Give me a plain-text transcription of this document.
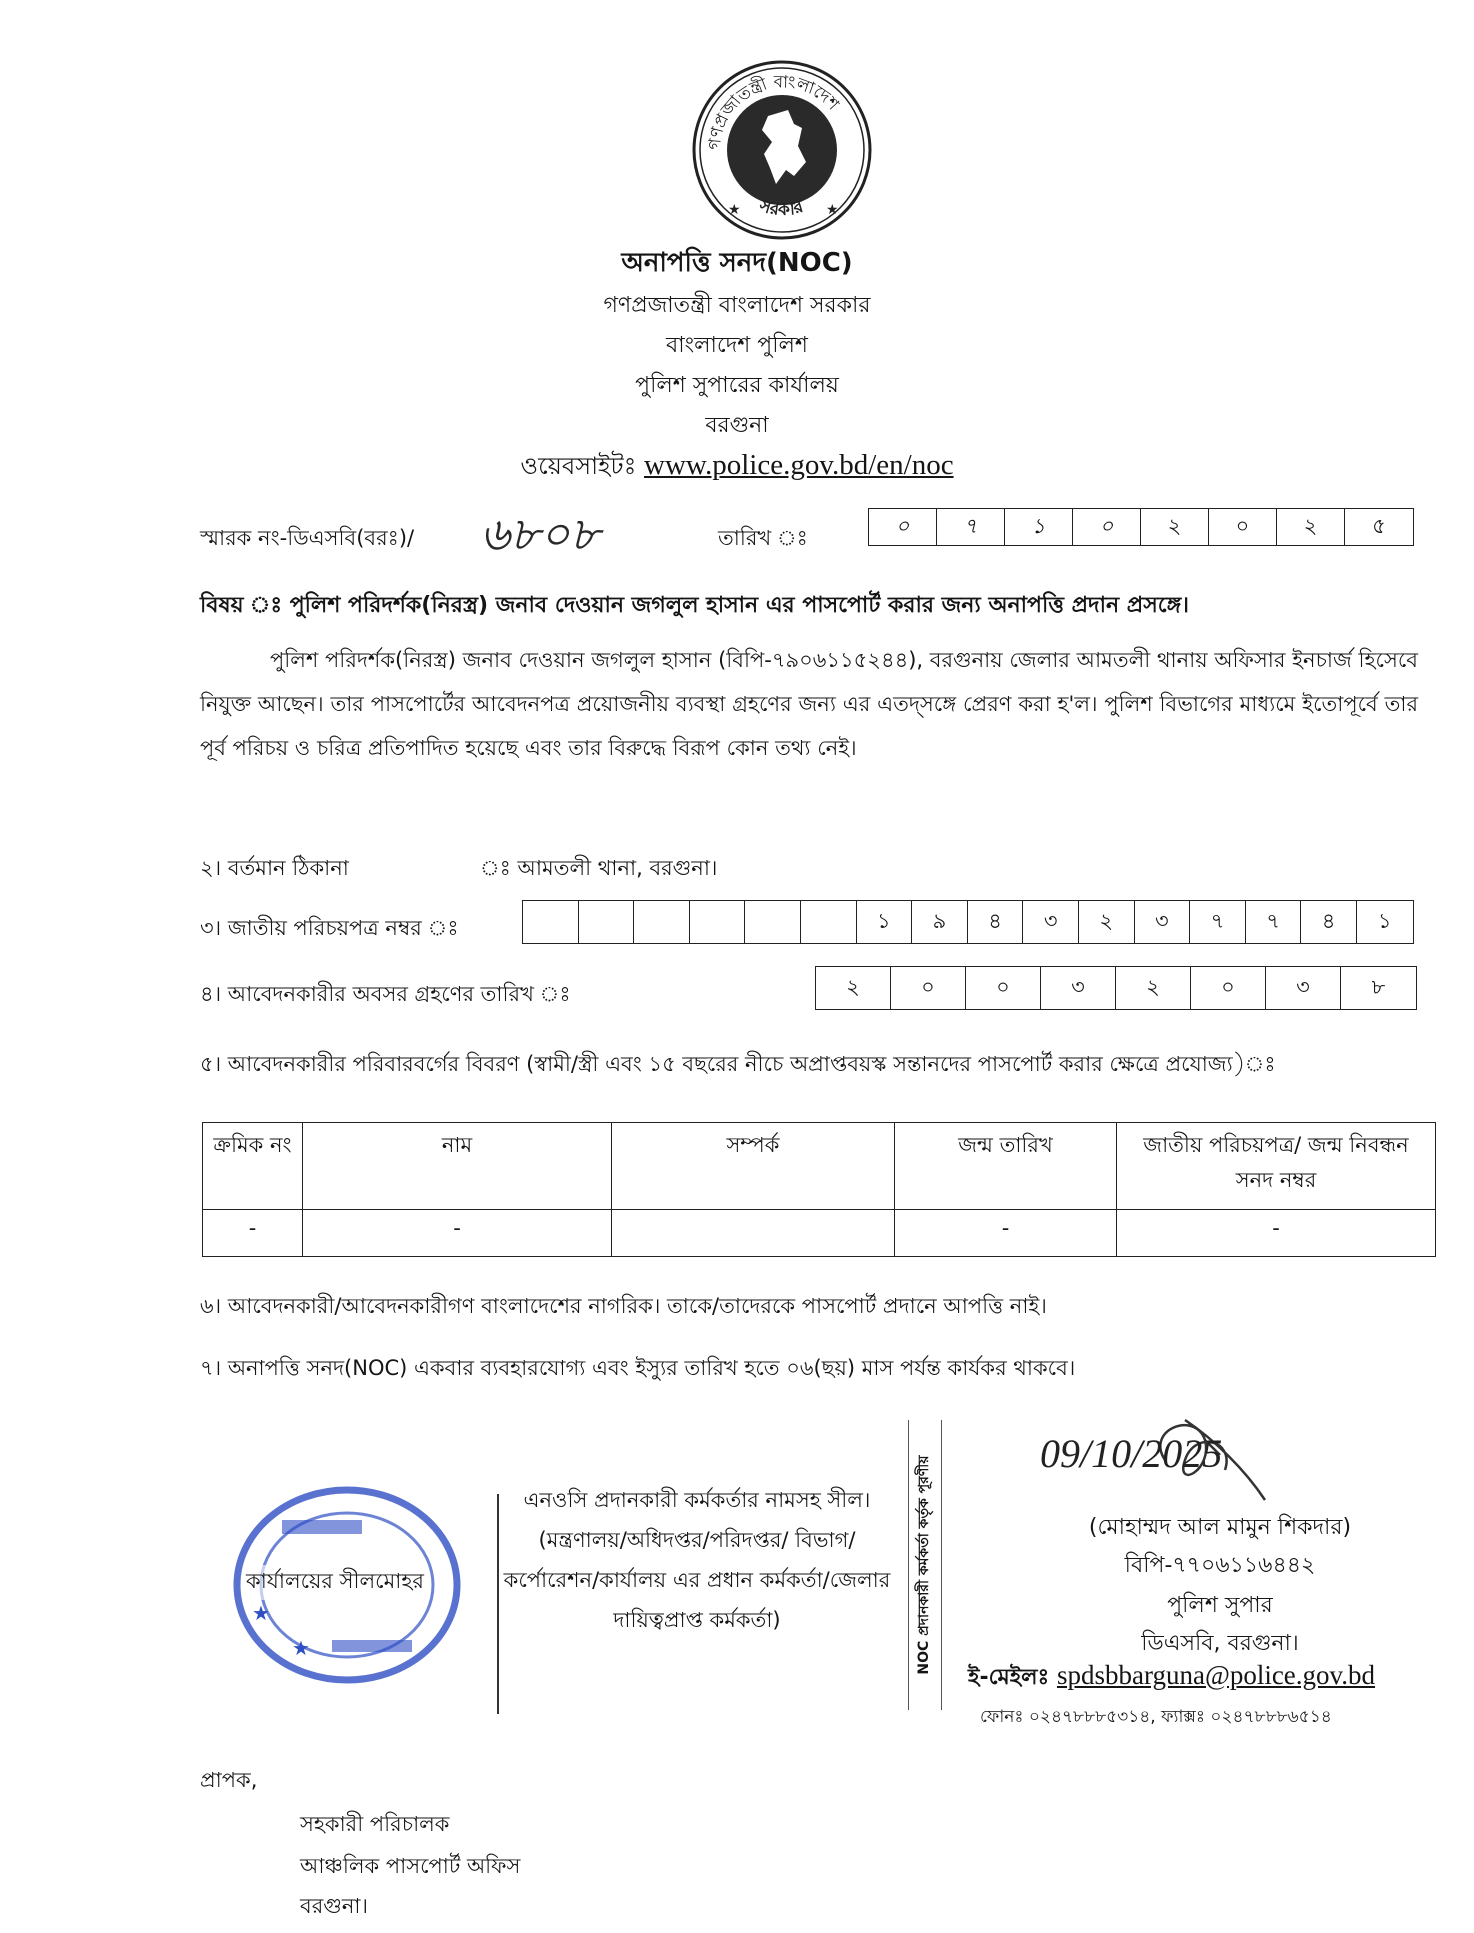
গণপ্রজাতন্ত্রী বাংলাদেশ
সরকার
★	★
অনাপত্তি সনদ(NOC)
গণপ্রজাতন্ত্রী বাংলাদেশ সরকার
বাংলাদেশ পুলিশ
পুলিশ সুপারের কার্যালয়
বরগুনা
ওয়েবসাইটঃ www.police.gov.bd/en/noc
স্মারক নং-ডিএসবি(বরঃ)/ ৬৮০৮	তারিখ ঃ
০	৭	১	০	২	০	২	৫
বিষয় ঃ পুলিশ পরিদর্শক(নিরস্ত্র) জনাব দেওয়ান জগলুল হাসান এর পাসপোর্ট করার জন্য অনাপত্তি প্রদান প্রসঙ্গে।
পুলিশ পরিদর্শক(নিরস্ত্র) জনাব দেওয়ান জগলুল হাসান (বিপি-৭৯০৬১১৫২৪৪), বরগুনায় জেলার আমতলী থানায় অফিসার ইনচার্জ হিসেবে নিযুক্ত আছেন। তার পাসপোর্টের আবেদনপত্র প্রয়োজনীয় ব্যবস্থা গ্রহণের জন্য এর এতদ্সঙ্গে প্রেরণ করা হ'ল। পুলিশ বিভাগের মাধ্যমে ইতোপূর্বে তার পূর্ব পরিচয় ও চরিত্র প্রতিপাদিত হয়েছে এবং তার বিরুদ্ধে বিরূপ কোন তথ্য নেই।
২। বর্তমান ঠিকানা	ঃ আমতলী থানা, বরগুনা।
৩। জাতীয় পরিচয়পত্র নম্বর ঃ	১	৯	৪	৩	২	৩	৭	৭	৪	১
৪। আবেদনকারীর অবসর গ্রহণের তারিখ ঃ	২	০	০	৩	২	০	৩	৮
৫। আবেদনকারীর পরিবারবর্গের বিবরণ (স্বামী/স্ত্রী এবং ১৫ বছরের নীচে অপ্রাপ্তবয়স্ক সন্তানদের পাসপোর্ট করার ক্ষেত্রে প্রযোজ্য)ঃ
ক্রমিক নং	নাম	সম্পর্ক	জন্ম তারিখ	জাতীয় পরিচয়পত্র/ জন্ম নিবন্ধন সনদ নম্বর
-	-		-	-
৬। আবেদনকারী/আবেদনকারীগণ বাংলাদেশের নাগরিক। তাকে/তাদেরকে পাসপোর্ট প্রদানে আপত্তি নাই।
৭। অনাপত্তি সনদ(NOC) একবার ব্যবহারযোগ্য এবং ইস্যুর তারিখ হতে ০৬(ছয়) মাস পর্যন্ত কার্যকর থাকবে।
★
★
কার্যালয়ের সীলমোহর
এনওসি প্রদানকারী কর্মকর্তার নামসহ সীল। (মন্ত্রণালয়/অধিদপ্তর/পরিদপ্তর/ বিভাগ/কর্পোরেশন/কার্যালয় এর প্রধান কর্মকর্তা/জেলার দায়িত্বপ্রাপ্ত কর্মকর্তা)	NOC প্রদানকারী কর্মকর্তা কর্তৃক পূরণীয়
09/10/2025
(মোহাম্মদ আল মামুন শিকদার)
বিপি-৭৭০৬১১৬৪৪২
পুলিশ সুপার
ডিএসবি, বরগুনা।
ই-মেইলঃ spdsbbarguna@police.gov.bd
ফোনঃ ০২৪৭৮৮৮৫৩১৪, ফ্যাক্সঃ ০২৪৭৮৮৮৬৫১৪
প্রাপক,
সহকারী পরিচালক
আঞ্চলিক পাসপোর্ট অফিস
বরগুনা।
